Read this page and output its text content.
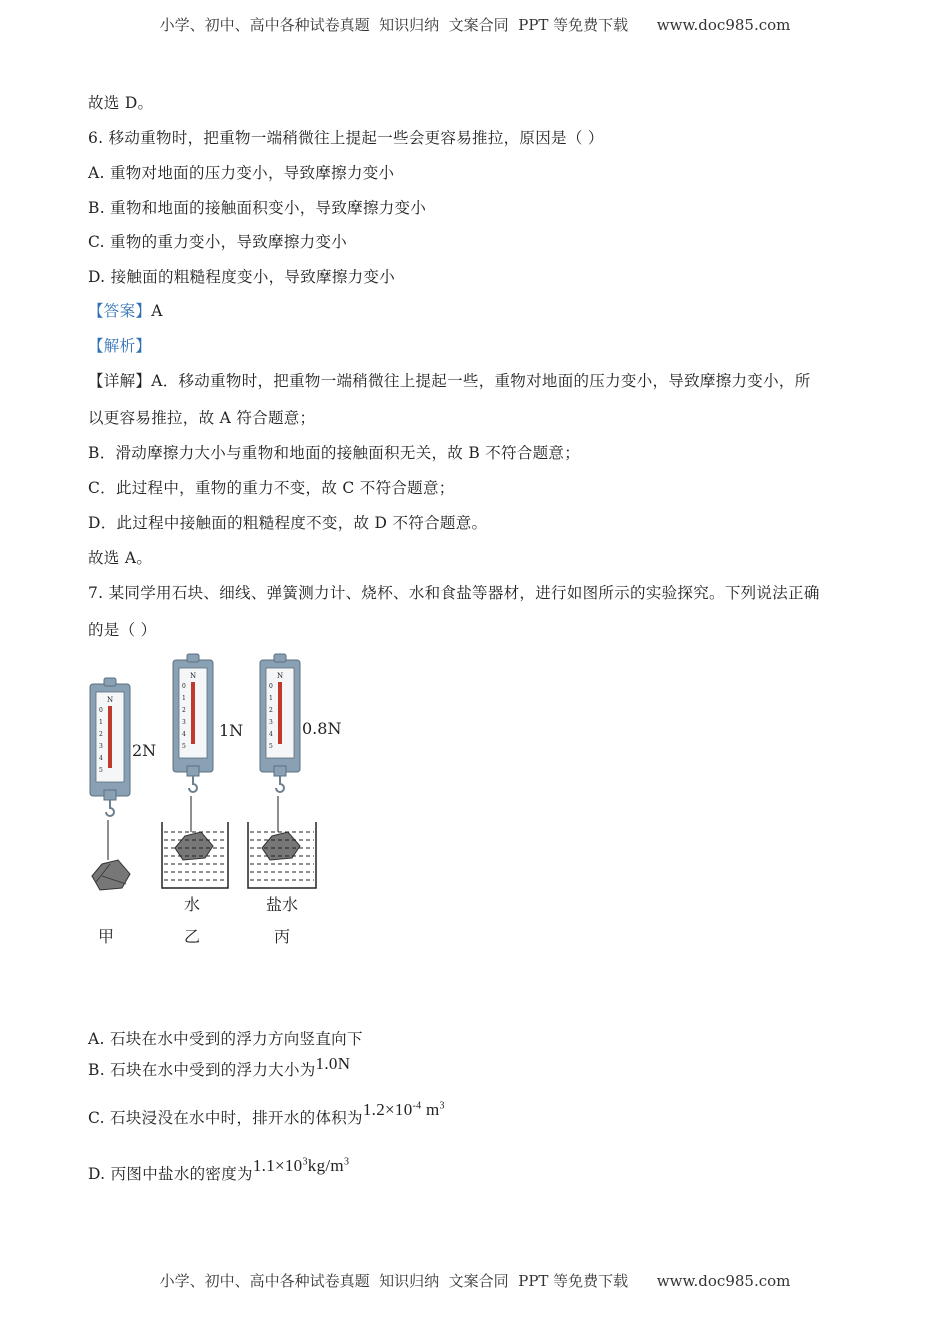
小学、初中、高中各种试卷真题  知识归纳  文案合同  PPT 等免费下载      www.doc985.com
故选 D。
6. 移动重物时，把重物一端稍微往上提起一些会更容易推拉，原因是（ ）
A. 重物对地面的压力变小，导致摩擦力变小
B. 重物和地面的接触面积变小，导致摩擦力变小
C. 重物的重力变小，导致摩擦力变小
D. 接触面的粗糙程度变小，导致摩擦力变小
【答案】A
【解析】
【详解】A．移动重物时，把重物一端稍微往上提起一些，重物对地面的压力变小，导致摩擦力变小，所
以更容易推拉，故 A 符合题意；
B．滑动摩擦力大小与重物和地面的接触面积无关，故 B 不符合题意；
C．此过程中，重物的重力不变，故 C 不符合题意；
D．此过程中接触面的粗糙程度不变，故 D 不符合题意。
故选 A。
7. 某同学用石块、细线、弹簧测力计、烧杯、水和食盐等器材，进行如图所示的实验探究。下列说法正确
的是（ ）
N
0
1
2
3
4
5
2N
N
0
1
2
3
4
5
1N
水
N
0
1
2
3
4
5
0.8N
盐水
甲	乙	丙
A. 石块在水中受到的浮力方向竖直向下
B. 石块在水中受到的浮力大小为1.0N
C. 石块浸没在水中时，排开水的体积为$1.2\times 10^{-4}$ $m^3$
D. 丙图中盐水的密度为$1.1\times 10^3kg/m^3$
小学、初中、高中各种试卷真题  知识归纳  文案合同  PPT 等免费下载      www.doc985.com
